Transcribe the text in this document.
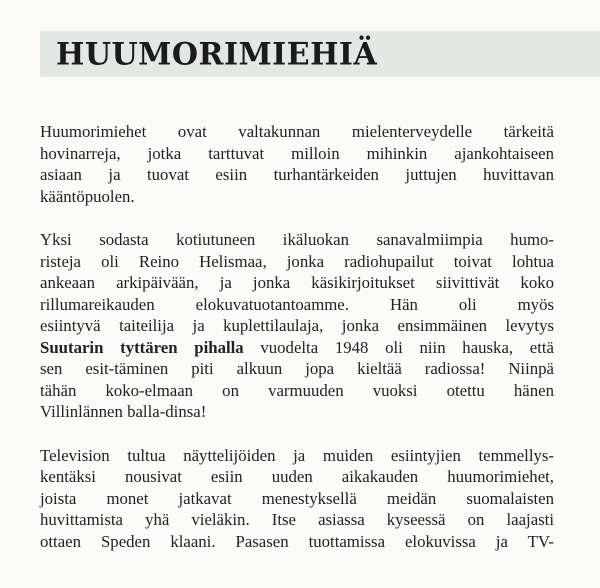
HUUMORIMIEHIÄ
Huumorimiehet ovat valtakunnan mielenterveydelle tärkeitä
hovinarreja, jotka tarttuvat milloin mihinkin ajankohtaiseen
asiaan ja tuovat esiin turhantärkeiden juttujen huvittavan
kääntöpuolen.
Yksi sodasta kotiutuneen ikäluokan sanavalmiimpia humo-
risteja oli Reino Helismaa, jonka radiohupailut toivat lohtua
ankeaan arkipäivään, ja jonka käsikirjoitukset siivittivät koko
rillumareikauden elokuvatuotantoamme. Hän oli myös
esiintyvä taiteilija ja kuplettilaulaja, jonka ensimmäinen levytys
Suutarin tyttären pihalla vuodelta 1948 oli niin hauska, että
sen esit-täminen piti alkuun jopa kieltää radiossa! Niinpä
tähän koko-elmaan on varmuuden vuoksi otettu hänen
Villinlännen balla-dinsa!
Television tultua näyttelijöiden ja muiden esiintyjien temmellys-
kentäksi nousivat esiin uuden aikakauden huumorimiehet,
joista monet jatkavat menestyksellä meidän suomalaisten
huvittamista yhä vieläkin. Itse asiassa kyseessä on laajasti
ottaen Speden klaani. Pasasen tuottamissa elokuvissa ja TV-
